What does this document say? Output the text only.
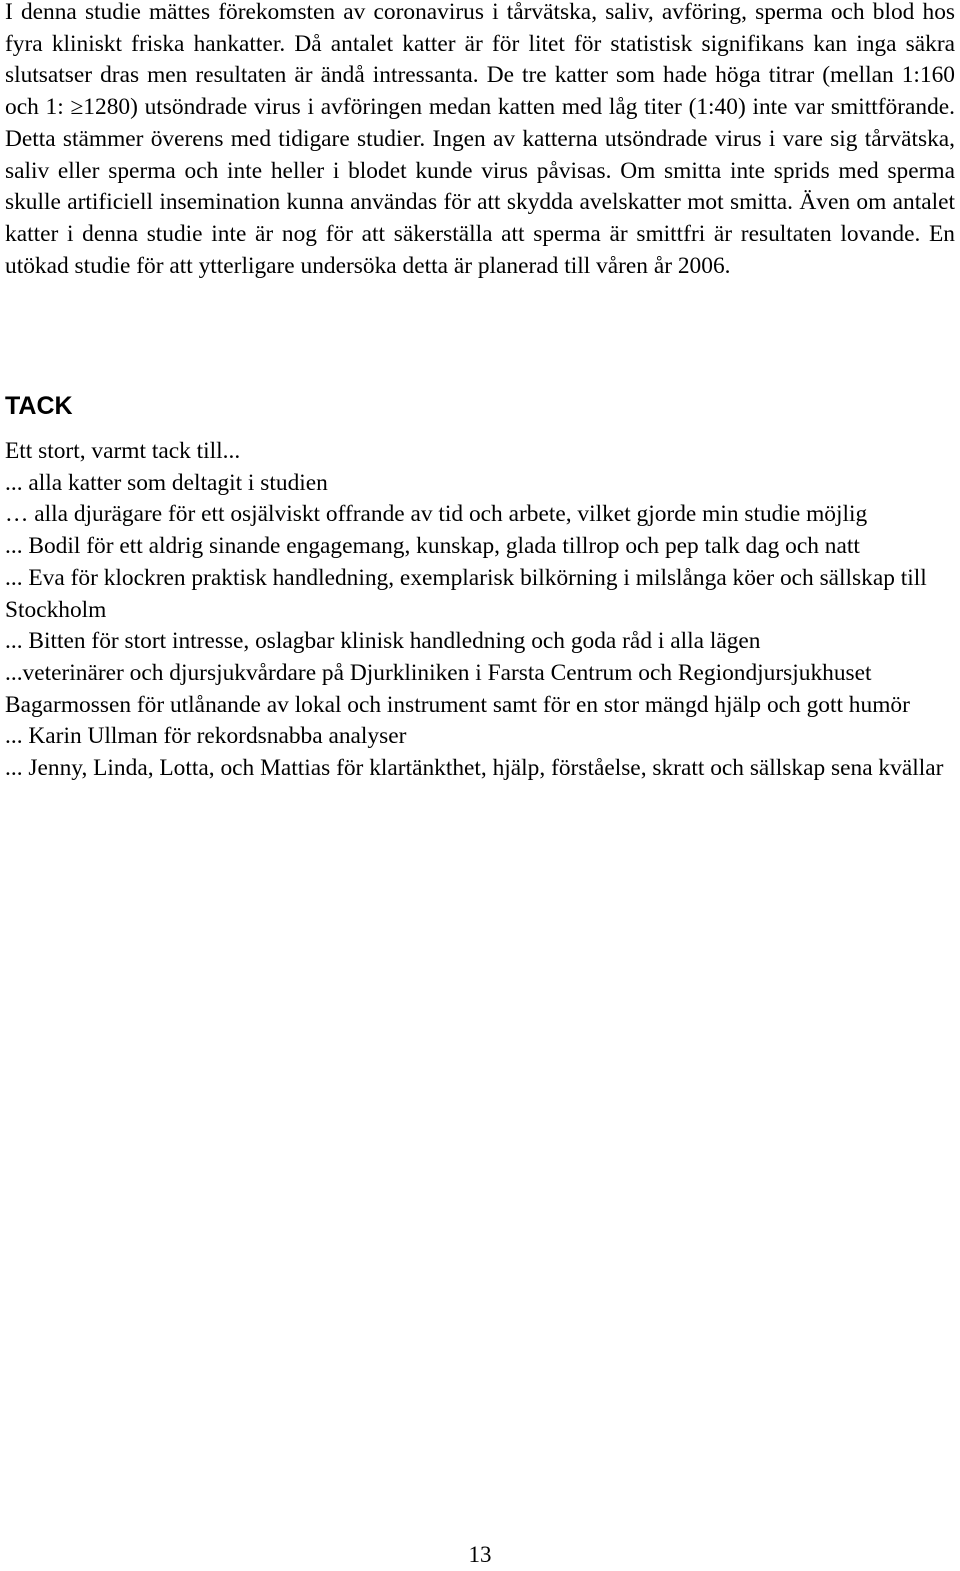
I denna studie mättes förekomsten av coronavirus i tårvätska, saliv, avföring, sperma och blod hos fyra kliniskt friska hankatter. Då antalet katter är för litet för statistisk signifikans kan inga säkra slutsatser dras men resultaten är ändå intressanta. De tre katter som hade höga titrar (mellan 1:160 och 1: ≥1280) utsöndrade virus i avföringen medan katten med låg titer (1:40) inte var smittförande. Detta stämmer överens med tidigare studier. Ingen av katterna utsöndrade virus i vare sig tårvätska, saliv eller sperma och inte heller i blodet kunde virus påvisas. Om smitta inte sprids med sperma skulle artificiell insemination kunna användas för att skydda avelskatter mot smitta. Även om antalet katter i denna studie inte är nog för att säkerställa att sperma är smittfri är resultaten lovande. En utökad studie för att ytterligare undersöka detta är planerad till våren år 2006.

TACK
Ett stort, varmt tack till...
... alla katter som deltagit i studien
… alla djurägare för ett osjälviskt offrande av tid och arbete, vilket gjorde min studie möjlig
... Bodil för ett aldrig sinande engagemang, kunskap, glada tillrop och pep talk dag och natt
... Eva för klockren praktisk handledning, exemplarisk bilkörning i milslånga köer och sällskap till Stockholm
... Bitten för stort intresse, oslagbar klinisk handledning och goda råd i alla lägen
...veterinärer och djursjukvårdare på Djurkliniken i Farsta Centrum och Regiondjursjukhuset Bagarmossen för utlånande av lokal och instrument samt för en stor mängd hjälp och gott humör
... Karin Ullman för rekordsnabba analyser
... Jenny, Linda, Lotta, och Mattias för klartänkthet, hjälp, förståelse, skratt och sällskap sena kvällar
13
